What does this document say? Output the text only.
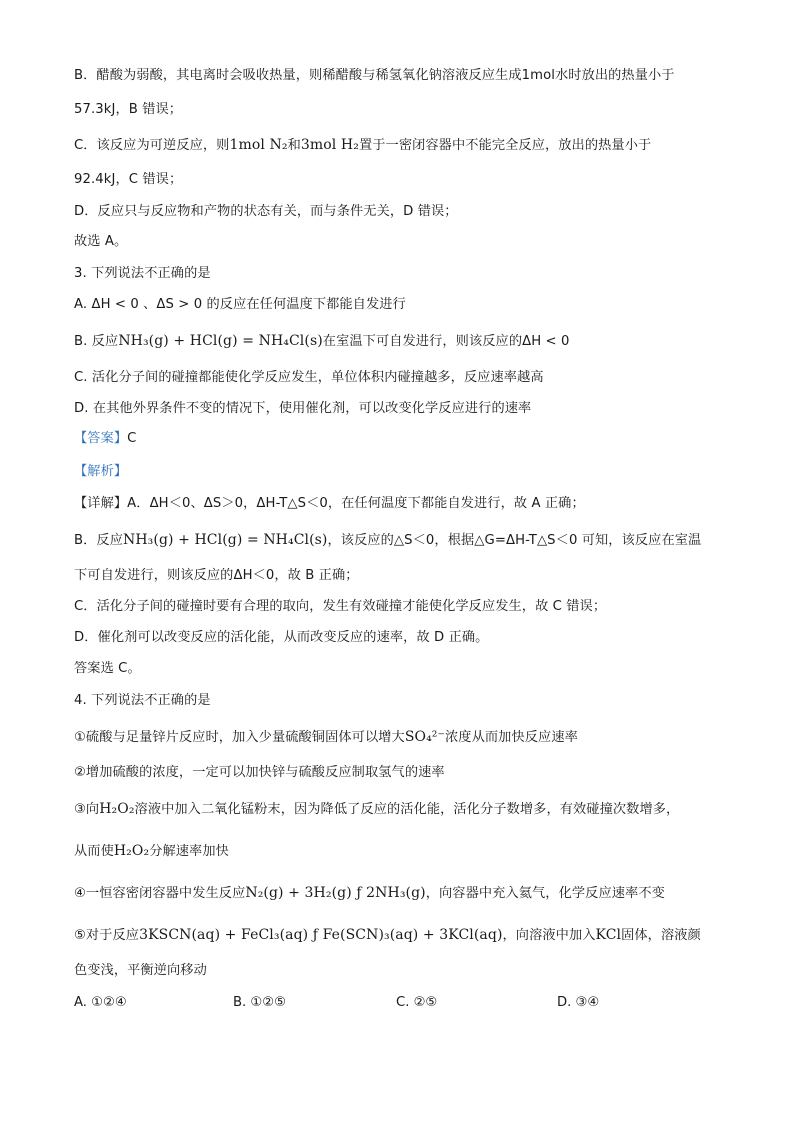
B．醋酸为弱酸，其电离时会吸收热量，则稀醋酸与稀氢氧化钠溶液反应生成1mol水时放出的热量小于
57.3kJ，B 错误；
C．该反应为可逆反应，则1mol N₂和3mol H₂置于一密闭容器中不能完全反应，放出的热量小于
92.4kJ，C 错误；
D．反应只与反应物和产物的状态有关，而与条件无关，D 错误；
故选 A。
3. 下列说法不正确的是
A. ΔH < 0 、ΔS > 0 的反应在任何温度下都能自发进行
B. 反应NH₃(g) + HCl(g) = NH₄Cl(s)在室温下可自发进行，则该反应的ΔH < 0
C. 活化分子间的碰撞都能使化学反应发生，单位体积内碰撞越多，反应速率越高
D. 在其他外界条件不变的情况下，使用催化剂，可以改变化学反应进行的速率
【答案】C
【解析】
【详解】A．ΔH＜0、ΔS＞0，ΔH-T△S＜0，在任何温度下都能自发进行，故 A 正确；
B．反应NH₃(g) + HCl(g) = NH₄Cl(s)，该反应的△S＜0，根据△G=ΔH-T△S＜0 可知，该反应在室温
下可自发进行，则该反应的ΔH＜0，故 B 正确；
C．活化分子间的碰撞时要有合理的取向，发生有效碰撞才能使化学反应发生，故 C 错误；
D．催化剂可以改变反应的活化能，从而改变反应的速率，故 D 正确。
答案选 C。
4. 下列说法不正确的是
①硫酸与足量锌片反应时，加入少量硫酸铜固体可以增大SO₄²⁻浓度从而加快反应速率
②增加硫酸的浓度，一定可以加快锌与硫酸反应制取氢气的速率
③向H₂O₂溶液中加入二氧化锰粉末，因为降低了反应的活化能，活化分子数增多，有效碰撞次数增多，
从而使H₂O₂分解速率加快
④一恒容密闭容器中发生反应N₂(g) + 3H₂(g) ƒ 2NH₃(g)，向容器中充入氦气，化学反应速率不变
⑤对于反应3KSCN(aq) + FeCl₃(aq) ƒ Fe(SCN)₃(aq) + 3KCl(aq)，向溶液中加入KCl固体，溶液颜
色变浅，平衡逆向移动
A. ①②④	B. ①②⑤	C. ②⑤	D. ③④
